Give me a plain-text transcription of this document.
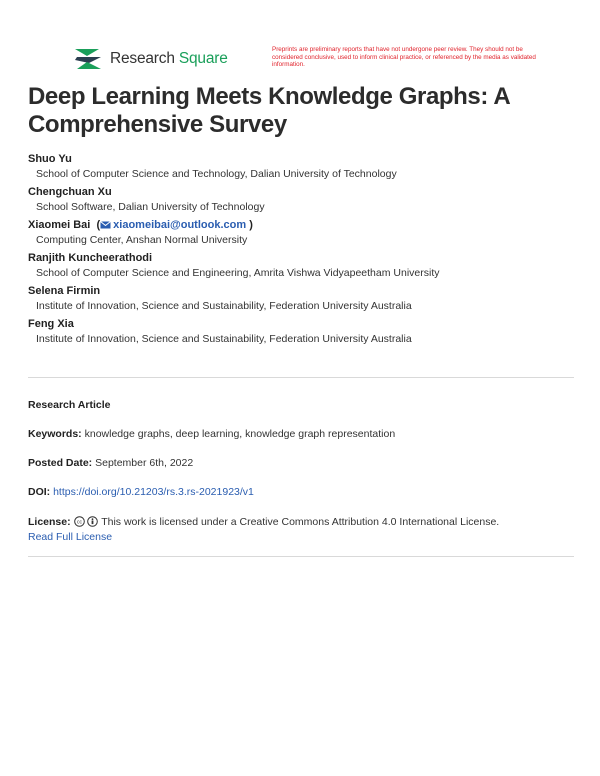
Research Square
Preprints are preliminary reports that have not undergone peer review. They should not be considered conclusive, used to inform clinical practice, or referenced by the media as validated information.
Deep Learning Meets Knowledge Graphs: A Comprehensive Survey
Shuo Yu
School of Computer Science and Technology, Dalian University of Technology
Chengchuan Xu
School Software, Dalian University of Technology
Xiaomei Bai  ( xiaomeibai@outlook.com )
Computing Center, Anshan Normal University
Ranjith Kuncheerathodi
School of Computer Science and Engineering, Amrita Vishwa Vidyapeetham University
Selena Firmin
Institute of Innovation, Science and Sustainability, Federation University Australia
Feng Xia
Institute of Innovation, Science and Sustainability, Federation University Australia
Research Article
Keywords: knowledge graphs, deep learning, knowledge graph representation
Posted Date: September 6th, 2022
DOI: https://doi.org/10.21203/rs.3.rs-2021923/v1
License: cc This work is licensed under a Creative Commons Attribution 4.0 International License.
Read Full License
